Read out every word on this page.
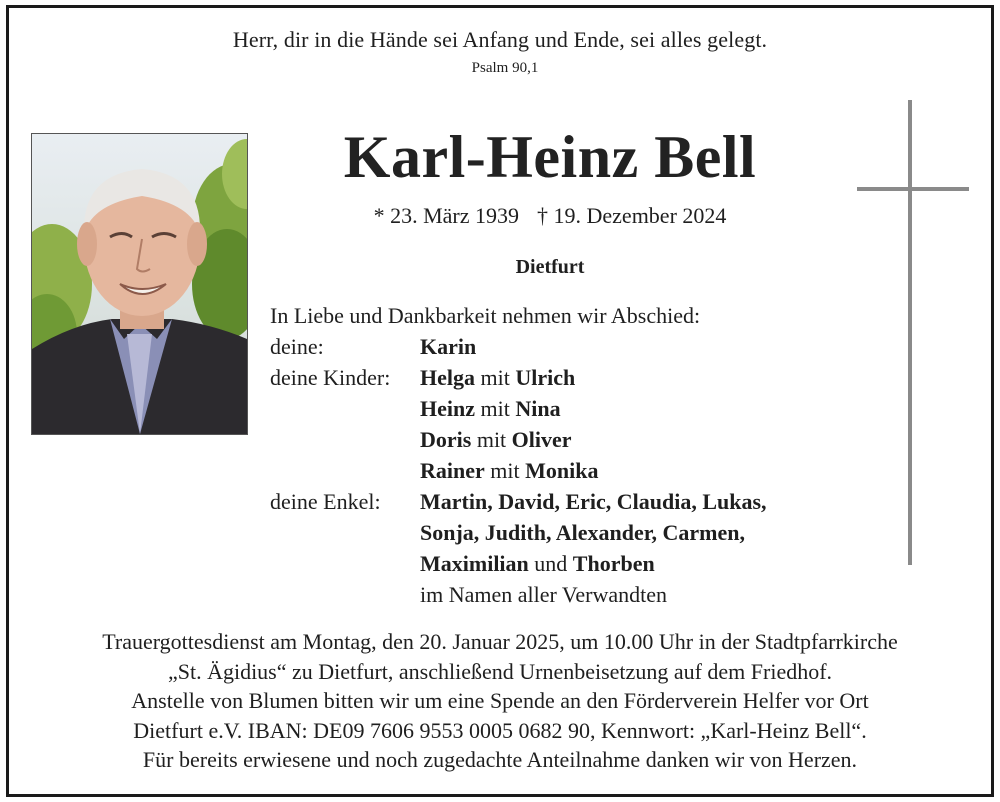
Herr, dir in die Hände sei Anfang und Ende, sei alles gelegt.
Psalm 90,1
Karl-Heinz Bell
* 23. März 1939 † 19. Dezember 2024
Dietfurt
In Liebe und Dankbarkeit nehmen wir Abschied:
deine:	Karin
deine Kinder:	Helga mit Ulrich
Heinz mit Nina
Doris mit Oliver
Rainer mit Monika
deine Enkel:	Martin, David, Eric, Claudia, Lukas,
Sonja, Judith, Alexander, Carmen,
Maximilian und Thorben
im Namen aller Verwandten
Trauergottesdienst am Montag, den 20. Januar 2025, um 10.00 Uhr in der Stadtpfarrkirche
„St. Ägidius“ zu Dietfurt, anschließend Urnenbeisetzung auf dem Friedhof.
Anstelle von Blumen bitten wir um eine Spende an den Förderverein Helfer vor Ort
Dietfurt e.V. IBAN: DE09 7606 9553 0005 0682 90, Kennwort: „Karl-Heinz Bell“.
Für bereits erwiesene und noch zugedachte Anteilnahme danken wir von Herzen.
